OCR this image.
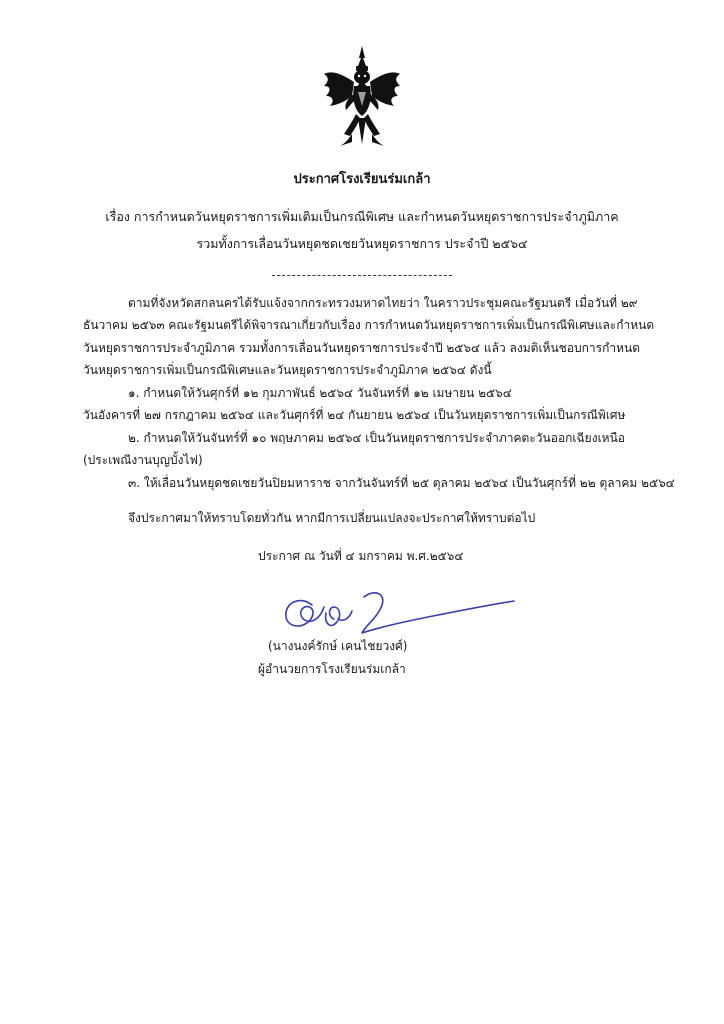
ประกาศโรงเรียนร่มเกล้า
เรื่อง การกำหนดวันหยุดราชการเพิ่มเติมเป็นกรณีพิเศษ และกำหนดวันหยุดราชการประจำภูมิภาค
รวมทั้งการเลื่อนวันหยุดชดเชยวันหยุดราชการ ประจำปี ๒๕๖๔
ตามที่จังหวัดสกลนครได้รับแจ้งจากกระทรวงมหาดไทยว่า ในคราวประชุมคณะรัฐมนตรี เมื่อวันที่ ๒๙
ธันวาคม ๒๕๖๓ คณะรัฐมนตรีได้พิจารณาเกี่ยวกับเรื่อง การกำหนดวันหยุดราชการเพิ่มเป็นกรณีพิเศษและกำหนด
วันหยุดราชการประจำภูมิภาค รวมทั้งการเลื่อนวันหยุดราชการประจำปี ๒๕๖๔ แล้ว ลงมติเห็นชอบการกำหนด
วันหยุดราชการเพิ่มเป็นกรณีพิเศษและวันหยุดราชการประจำภูมิภาค ๒๕๖๔ ดังนี้
๑. กำหนดให้วันศุกร์ที่ ๑๒ กุมภาพันธ์ ๒๕๖๔ วันจันทร์ที่ ๑๒ เมษายน ๒๕๖๔
วันอังคารที่ ๒๗ กรกฎาคม ๒๕๖๔ และวันศุกร์ที่ ๒๔ กันยายน ๒๕๖๔ เป็นวันหยุดราชการเพิ่มเป็นกรณีพิเศษ
๒. กำหนดให้วันจันทร์ที่ ๑๐ พฤษภาคม ๒๕๖๔ เป็นวันหยุดราชการประจำภาคตะวันออกเฉียงเหนือ
(ประเพณีงานบุญบั้งไฟ)
๓. ให้เลื่อนวันหยุดชดเชยวันปิยมหาราช จากวันจันทร์ที่ ๒๕ ตุลาคม ๒๕๖๔ เป็นวันศุกร์ที่ ๒๒ ตุลาคม ๒๕๖๔
จึงประกาศมาให้ทราบโดยทั่วกัน หากมีการเปลี่ยนแปลงจะประกาศให้ทราบต่อไป
ประกาศ ณ วันที่ ๔ มกราคม พ.ศ.๒๕๖๔
(นางนงค์รักษ์ เคนไชยวงศ์)
ผู้อำนวยการโรงเรียนร่มเกล้า
